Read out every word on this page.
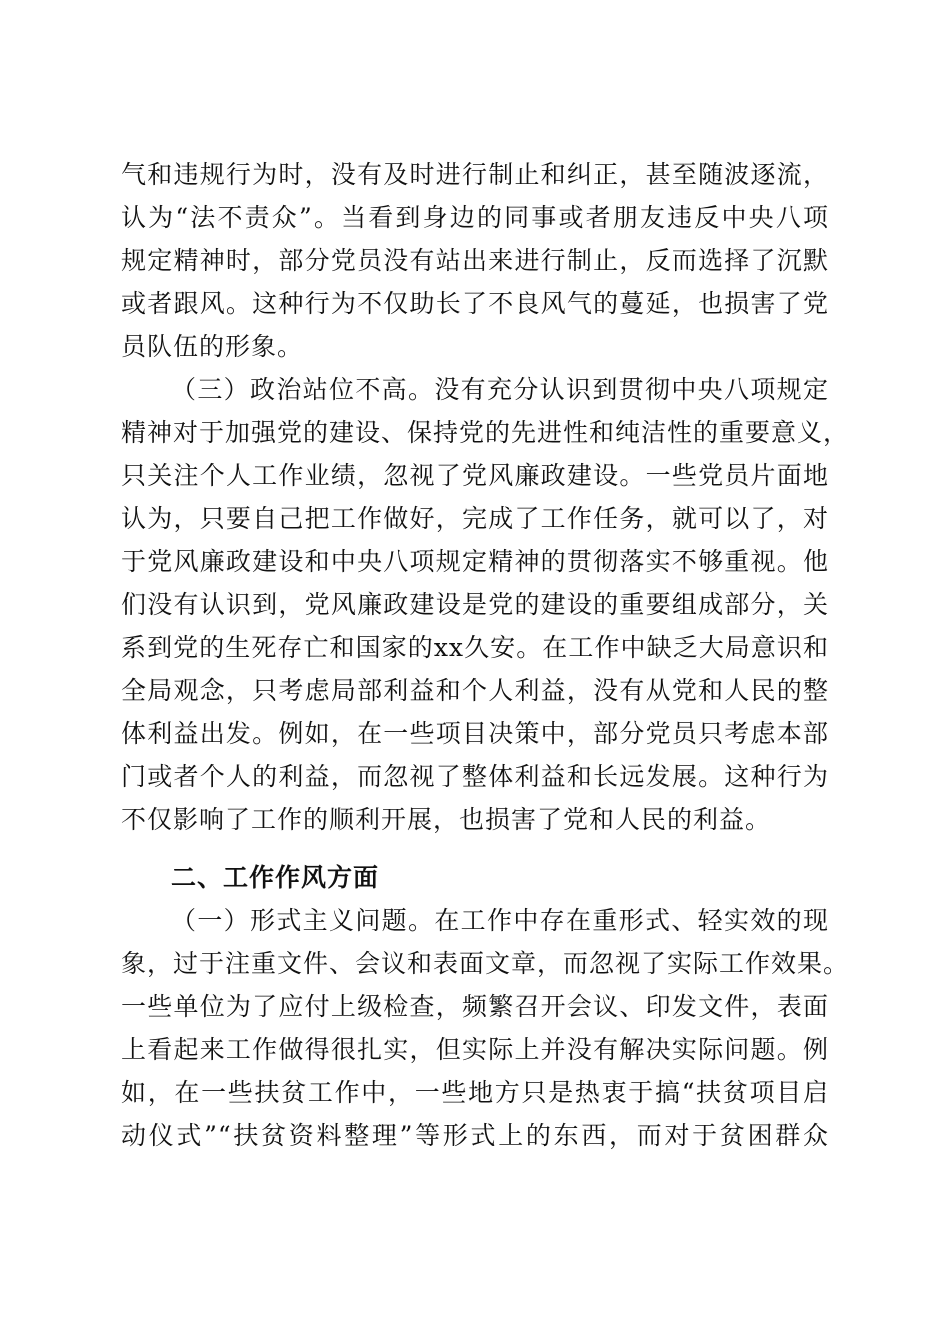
气和违规行为时，没有及时进行制止和纠正，甚至随波逐流，
认为“法不责众”。当看到身边的同事或者朋友违反中央八项
规定精神时，部分党员没有站出来进行制止，反而选择了沉默
或者跟风。这种行为不仅助长了不良风气的蔓延，也损害了党
员队伍的形象。
（三）政治站位不高。没有充分认识到贯彻中央八项规定
精神对于加强党的建设、保持党的先进性和纯洁性的重要意义，
只关注个人工作业绩，忽视了党风廉政建设。一些党员片面地
认为，只要自己把工作做好，完成了工作任务，就可以了，对
于党风廉政建设和中央八项规定精神的贯彻落实不够重视。他
们没有认识到，党风廉政建设是党的建设的重要组成部分，关
系到党的生死存亡和国家的xx久安。在工作中缺乏大局意识和
全局观念，只考虑局部利益和个人利益，没有从党和人民的整
体利益出发。例如，在一些项目决策中，部分党员只考虑本部
门或者个人的利益，而忽视了整体利益和长远发展。这种行为
不仅影响了工作的顺利开展，也损害了党和人民的利益。
二、工作作风方面
（一）形式主义问题。在工作中存在重形式、轻实效的现
象，过于注重文件、会议和表面文章，而忽视了实际工作效果。
一些单位为了应付上级检查，频繁召开会议、印发文件，表面
上看起来工作做得很扎实，但实际上并没有解决实际问题。例
如，在一些扶贫工作中，一些地方只是热衷于搞“扶贫项目启
动仪式”“扶贫资料整理”等形式上的东西，而对于贫困群众
